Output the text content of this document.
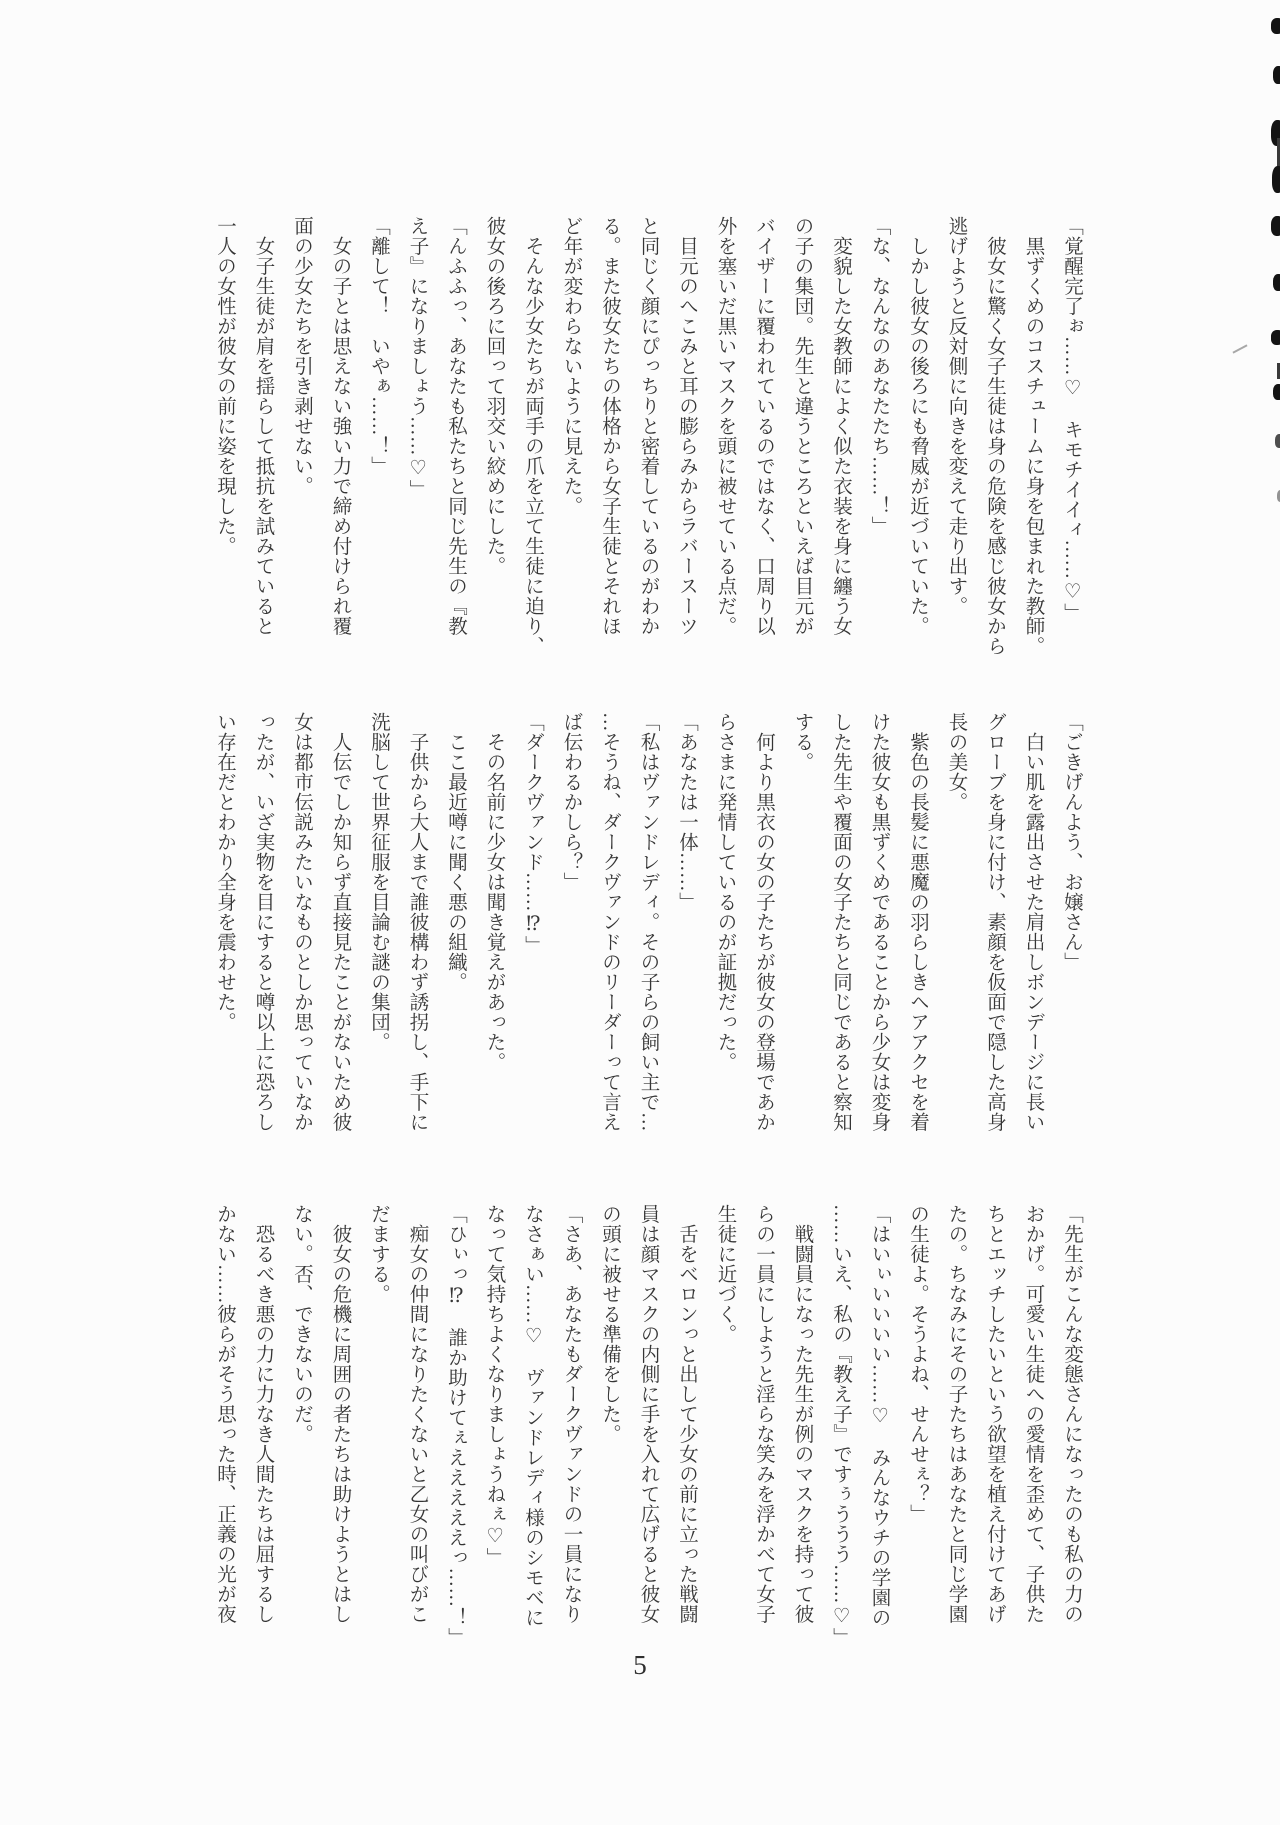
「覚醒完了ぉ……♡　キモチイイィ……♡」
　黒ずくめのコスチュームに身を包まれた教師。
　彼女に驚く女子生徒は身の危険を感じ彼女から
逃げようと反対側に向きを変えて走り出す。
　しかし彼女の後ろにも脅威が近づいていた。
「な、なんなのあなたたち……！」
　変貌した女教師によく似た衣装を身に纏う女
の子の集団。先生と違うところといえば目元が
バイザーに覆われているのではなく、口周り以
外を塞いだ黒いマスクを頭に被せている点だ。
　目元のへこみと耳の膨らみからラバースーツ
と同じく顔にぴっちりと密着しているのがわか
る。また彼女たちの体格から女子生徒とそれほ
ど年が変わらないように見えた。
　そんな少女たちが両手の爪を立て生徒に迫り、
彼女の後ろに回って羽交い絞めにした。
「んふふっ、あなたも私たちと同じ先生の『教
え子』になりましょう……♡」
「離して！　いやぁ……！」
　女の子とは思えない強い力で締め付けられ覆
面の少女たちを引き剥せない。
　女子生徒が肩を揺らして抵抗を試みていると
一人の女性が彼女の前に姿を現した。
「ごきげんよう、お嬢さん」
　白い肌を露出させた肩出しボンデージに長い
グローブを身に付け、素顔を仮面で隠した高身
長の美女。
　紫色の長髪に悪魔の羽らしきヘアアクセを着
けた彼女も黒ずくめであることから少女は変身
した先生や覆面の女子たちと同じであると察知
する。
　何より黒衣の女の子たちが彼女の登場であか
らさまに発情しているのが証拠だった。
「あなたは一体……」
「私はヴァンドレディ。その子らの飼い主で…
…そうね、ダークヴァンドのリーダーって言え
ば伝わるかしら？」
「ダークヴァンド……⁉」
　その名前に少女は聞き覚えがあった。
　ここ最近噂に聞く悪の組織。
　子供から大人まで誰彼構わず誘拐し、手下に
洗脳して世界征服を目論む謎の集団。
　人伝でしか知らず直接見たことがないため彼
女は都市伝説みたいなものとしか思っていなか
ったが、いざ実物を目にすると噂以上に恐ろし
い存在だとわかり全身を震わせた。
「先生がこんな変態さんになったのも私の力の
おかげ。可愛い生徒への愛情を歪めて、子供た
ちとエッチしたいという欲望を植え付けてあげ
たの。ちなみにその子たちはあなたと同じ学園
の生徒よ。そうよね、せんせぇ？」
「はいぃいいいい……♡　みんなウチの学園の
……いえ、私の『教え子』ですぅううう……♡」
　戦闘員になった先生が例のマスクを持って彼
らの一員にしようと淫らな笑みを浮かべて女子
生徒に近づく。
　舌をベロンっと出して少女の前に立った戦闘
員は顔マスクの内側に手を入れて広げると彼女
の頭に被せる準備をした。
「さあ、あなたもダークヴァンドの一員になり
なさぁい……♡　ヴァンドレディ様のシモベに
なって気持ちよくなりましょうねぇ♡」
「ひぃっ⁉　誰か助けてぇえええええっ……！」
　痴女の仲間になりたくないと乙女の叫びがこ
だまする。
　彼女の危機に周囲の者たちは助けようとはし
ない。否、できないのだ。
　恐るべき悪の力に力なき人間たちは屈するし
かない……彼らがそう思った時、正義の光が夜
5
